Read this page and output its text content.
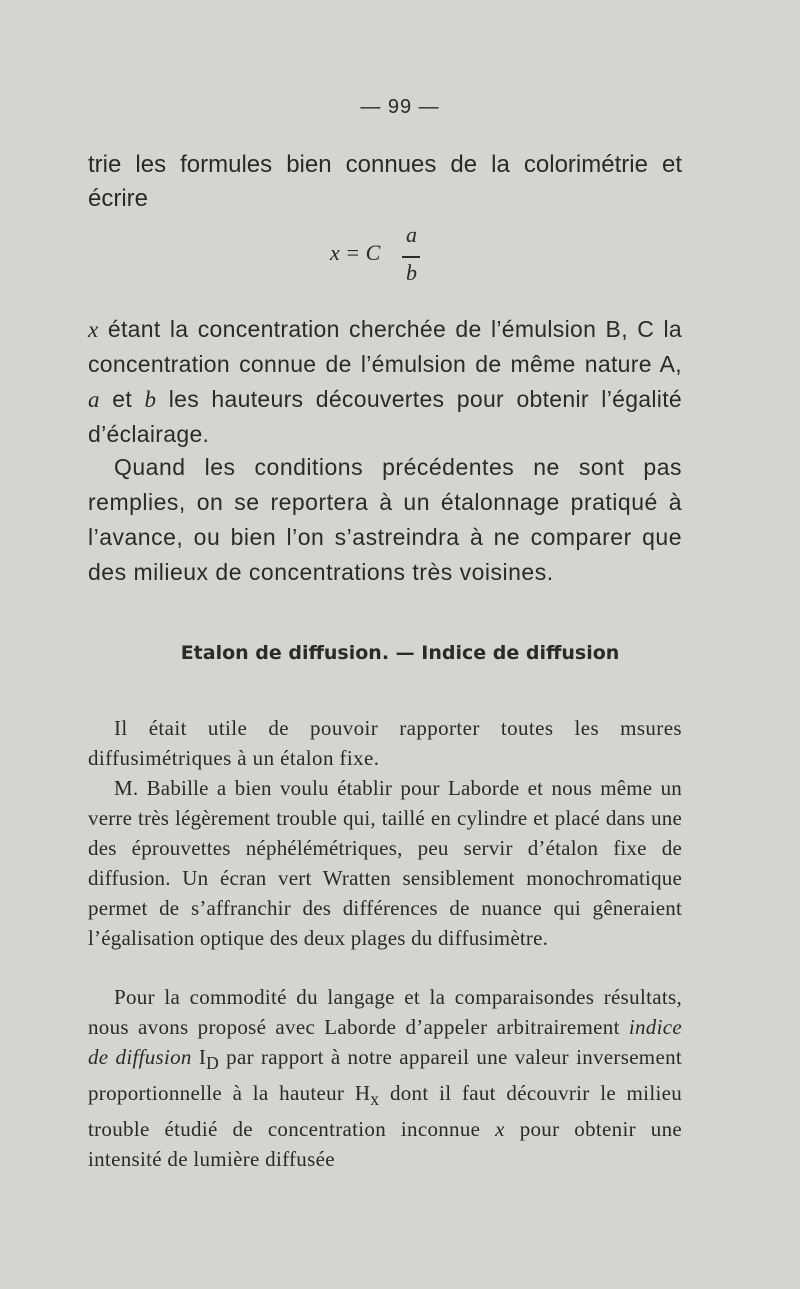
— 99 —
trie les formules bien connues de la colorimétrie et écrire
x = C
a
b
x étant la concentration cherchée de l’émulsion B, C la concentration connue de l’émulsion de même nature A, a et b les hauteurs découvertes pour obtenir l’égalité d’éclairage.
Quand les conditions précédentes ne sont pas remplies, on se reportera à un étalonnage pratiqué à l’avance, ou bien l’on s’astreindra à ne comparer que des milieux de concentrations très voisines.
Etalon de diffusion. — Indice de diffusion
Il était utile de pouvoir rapporter toutes les msures diffusimétriques à un étalon fixe.
M. Babille a bien voulu établir pour Laborde et nous même un verre très légèrement trouble qui, taillé en cylindre et placé dans une des éprouvettes néphélémétriques, peu servir d’étalon fixe de diffusion. Un écran vert Wratten sensiblement monochromatique permet de s’affranchir des différences de nuance qui gêneraient l’égalisation optique des deux plages du diffusimètre.
Pour la commodité du langage et la comparaisondes résultats, nous avons proposé avec Laborde d’appeler arbitrairement indice de diffusion $I_D$ par rapport à notre appareil une valeur inversement proportionnelle à la hauteur $H_x$ dont il faut découvrir le milieu trouble étudié de concentration inconnue x pour obtenir une intensité de lumière diffusée
